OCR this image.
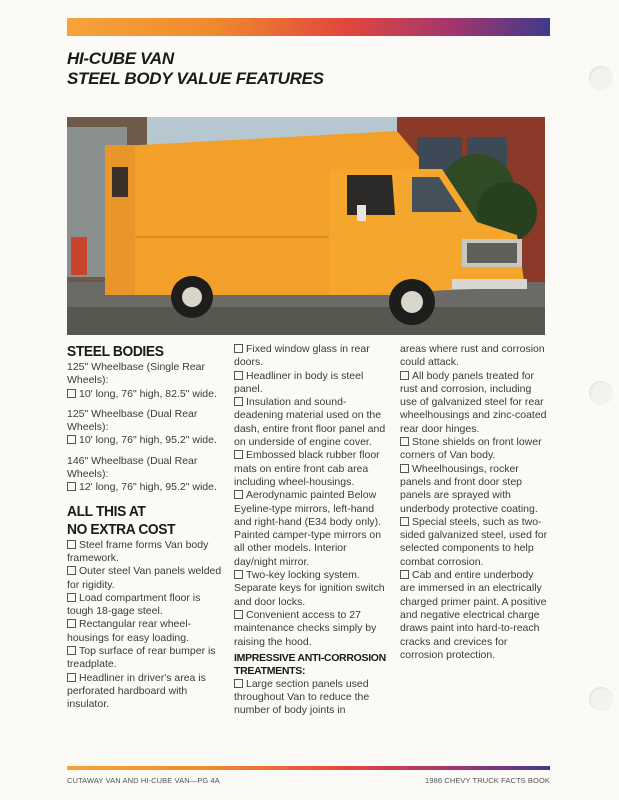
HI-CUBE VAN
STEEL BODY VALUE FEATURES
STEEL BODIES

125" Wheelbase (Single Rear Wheels):

10' long, 76" high, 82.5" wide.

125" Wheelbase (Dual Rear Wheels):

10' long, 76" high, 95.2" wide.

146" Wheelbase (Dual Rear Wheels):

12' long, 76" high, 95.2" wide.

ALL THIS AT
NO EXTRA COST

Steel frame forms Van body framework.

Outer steel Van panels welded for rigidity.

Load compartment floor is tough 18-gage steel.

Rectangular rear wheel-housings for easy loading.

Top surface of rear bumper is treadplate.

Headliner in driver's area is perforated hardboard with insulator.

Fixed window glass in rear doors.

Headliner in body is steel panel.

Insulation and sound-deadening material used on the dash, entire front floor panel and on underside of engine cover.

Embossed black rubber floor mats on entire front cab area including wheel-housings.

Aerodynamic painted Below Eyeline-type mirrors, left-hand and right-hand (E34 body only). Painted camper-type mirrors on all other models. Interior day/night mirror.

Two-key locking system. Separate keys for ignition switch and door locks.

Convenient access to 27 maintenance checks simply by raising the hood.

IMPRESSIVE ANTI-CORROSION
TREATMENTS:

Large section panels used throughout Van to reduce the number of body joints in

areas where rust and corrosion could attack.

All body panels treated for rust and corrosion, including use of galvanized steel for rear wheelhousings and zinc-coated rear door hinges.

Stone shields on front lower corners of Van body.

Wheelhousings, rocker panels and front door step panels are sprayed with underbody protective coating.

Special steels, such as two-sided galvanized steel, used for selected components to help combat corrosion.

Cab and entire underbody are immersed in an electrically charged primer paint. A positive and negative electrical charge draws paint into hard-to-reach cracks and crevices for corrosion protection.

CUTAWAY VAN AND HI-CUBE VAN—PG 4A	1986 CHEVY TRUCK FACTS BOOK
